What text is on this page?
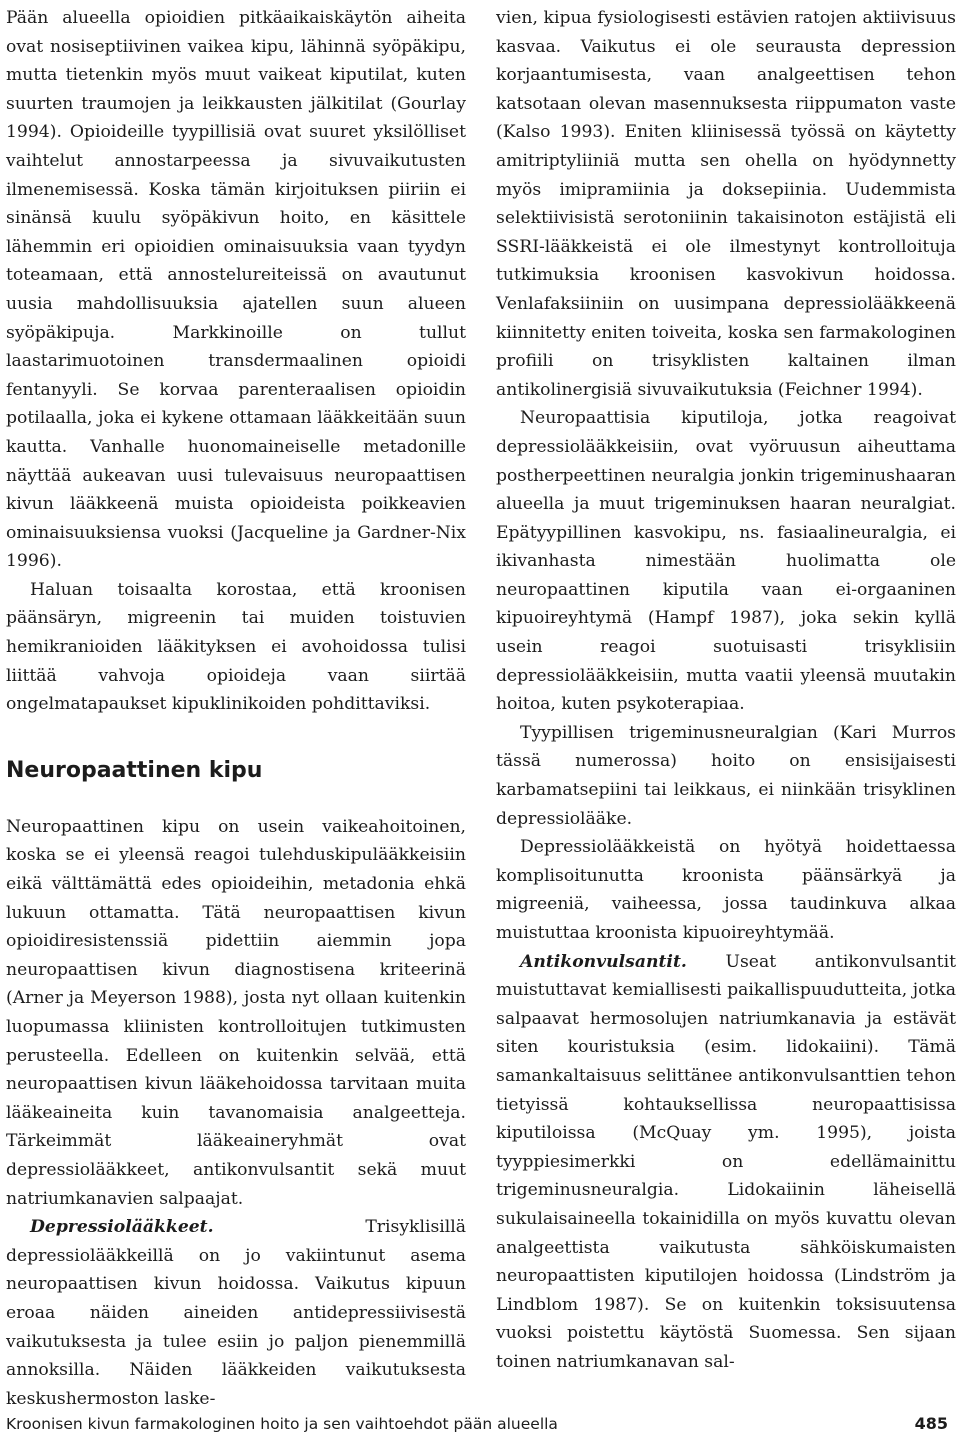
Pään alueella opioidien pitkäaikaiskäytön aiheita ovat nosiseptiivinen vaikea kipu, lähinnä syöpäkipu, mutta tietenkin myös muut vaikeat kiputilat, kuten suurten traumojen ja leikkausten jälkitilat (Gourlay 1994). Opioideille tyypillisiä ovat suuret yksilölliset vaihtelut annostarpeessa ja sivuvaikutusten ilmenemisessä. Koska tämän kirjoituksen piiriin ei sinänsä kuulu syöpäkivun hoito, en käsittele lähemmin eri opioidien ominaisuuksia vaan tyydyn toteamaan, että annostelureiteissä on avautunut uusia mahdollisuuksia ajatellen suun alueen syöpäkipuja. Markkinoille on tullut laastarimuotoinen transdermaalinen opioidi fentanyyli. Se korvaa parenteraalisen opioidin potilaalla, joka ei kykene ottamaan lääkkeitään suun kautta. Vanhalle huonomaineiselle metadonille näyttää aukeavan uusi tulevaisuus neuropaattisen kivun lääkkeenä muista opioideista poikkeavien ominaisuuksiensa vuoksi (Jacqueline ja Gardner-Nix 1996).

Haluan toisaalta korostaa, että kroonisen päänsäryn, migreenin tai muiden toistuvien hemikranioiden lääkityksen ei avohoidossa tulisi liittää vahvoja opioideja vaan siirtää ongelmatapaukset kipuklinikoiden pohdittaviksi.

Neuropaattinen kipu

Neuropaattinen kipu on usein vaikeahoitoinen, koska se ei yleensä reagoi tulehduskipulääkkeisiin eikä välttämättä edes opioideihin, metadonia ehkä lukuun ottamatta. Tätä neuropaattisen kivun opioidiresistenssiä pidettiin aiemmin jopa neuropaattisen kivun diagnostisena kriteerinä (Arner ja Meyerson 1988), josta nyt ollaan kuitenkin luopumassa kliinisten kontrolloitujen tutkimusten perusteella. Edelleen on kuitenkin selvää, että neuropaattisen kivun lääkehoidossa tarvitaan muita lääkeaineita kuin tavanomaisia analgeetteja. Tärkeimmät lääkeaineryhmät ovat depressiolääkkeet, antikonvulsantit sekä muut natriumkanavien salpaajat.

Depressiolääkkeet. Trisyklisillä depressiolääkkeillä on jo vakiintunut asema neuropaattisen kivun hoidossa. Vaikutus kipuun eroaa näiden aineiden antidepressiivisestä vaikutuksesta ja tulee esiin jo paljon pienemmillä annoksilla. Näiden lääkkeiden vaikutuksesta keskushermoston laske-

vien, kipua fysiologisesti estävien ratojen aktiivisuus kasvaa. Vaikutus ei ole seurausta depression korjaantumisesta, vaan analgeettisen tehon katsotaan olevan masennuksesta riippumaton vaste (Kalso 1993). Eniten kliinisessä työssä on käytetty amitriptyliiniä mutta sen ohella on hyödynnetty myös imipramiinia ja doksepiinia. Uudemmista selektiivisistä serotoniinin takaisinoton estäjistä eli SSRI-lääkkeistä ei ole ilmestynyt kontrolloituja tutkimuksia kroonisen kasvokivun hoidossa. Venlafaksiiniin on uusimpana depressiolääkkeenä kiinnitetty eniten toiveita, koska sen farmakologinen profiili on trisyklisten kaltainen ilman antikolinergisiä sivuvaikutuksia (Feichner 1994).

Neuropaattisia kiputiloja, jotka reagoivat depressiolääkkeisiin, ovat vyöruusun aiheuttama postherpeettinen neuralgia jonkin trigeminushaaran alueella ja muut trigeminuksen haaran neuralgiat. Epätyypillinen kasvokipu, ns. fasiaalineuralgia, ei ikivanhasta nimestään huolimatta ole neuropaattinen kiputila vaan ei-orgaaninen kipuoireyhtymä (Hampf 1987), joka sekin kyllä usein reagoi suotuisasti trisyklisiin depressiolääkkeisiin, mutta vaatii yleensä muutakin hoitoa, kuten psykoterapiaa.

Tyypillisen trigeminusneuralgian (Kari Murros tässä numerossa) hoito on ensisijaisesti karbamatsepiini tai leikkaus, ei niinkään trisyklinen depressiolääke.

Depressiolääkkeistä on hyötyä hoidettaessa komplisoitunutta kroonista päänsärkyä ja migreeniä, vaiheessa, jossa taudinkuva alkaa muistuttaa kroonista kipuoireyhtymää.

Antikonvulsantit. Useat antikonvulsantit muistuttavat kemiallisesti paikallispuudutteita, jotka salpaavat hermosolujen natriumkanavia ja estävät siten kouristuksia (esim. lidokaiini). Tämä samankaltaisuus selittänee antikonvulsanttien tehon tietyissä kohtauksellissa neuropaattisissa kiputiloissa (McQuay ym. 1995), joista tyyppiesimerkki on edellämainittu trigeminusneuralgia. Lidokaiinin läheisellä sukulaisaineella tokainidilla on myös kuvattu olevan analgeettista vaikutusta sähköiskumaisten neuropaattisten kiputilojen hoidossa (Lindström ja Lindblom 1987). Se on kuitenkin toksisuutensa vuoksi poistettu käytöstä Suomessa. Sen sijaan toinen natriumkanavan sal-

Kroonisen kivun farmakologinen hoito ja sen vaihtoehdot pään alueella	485
